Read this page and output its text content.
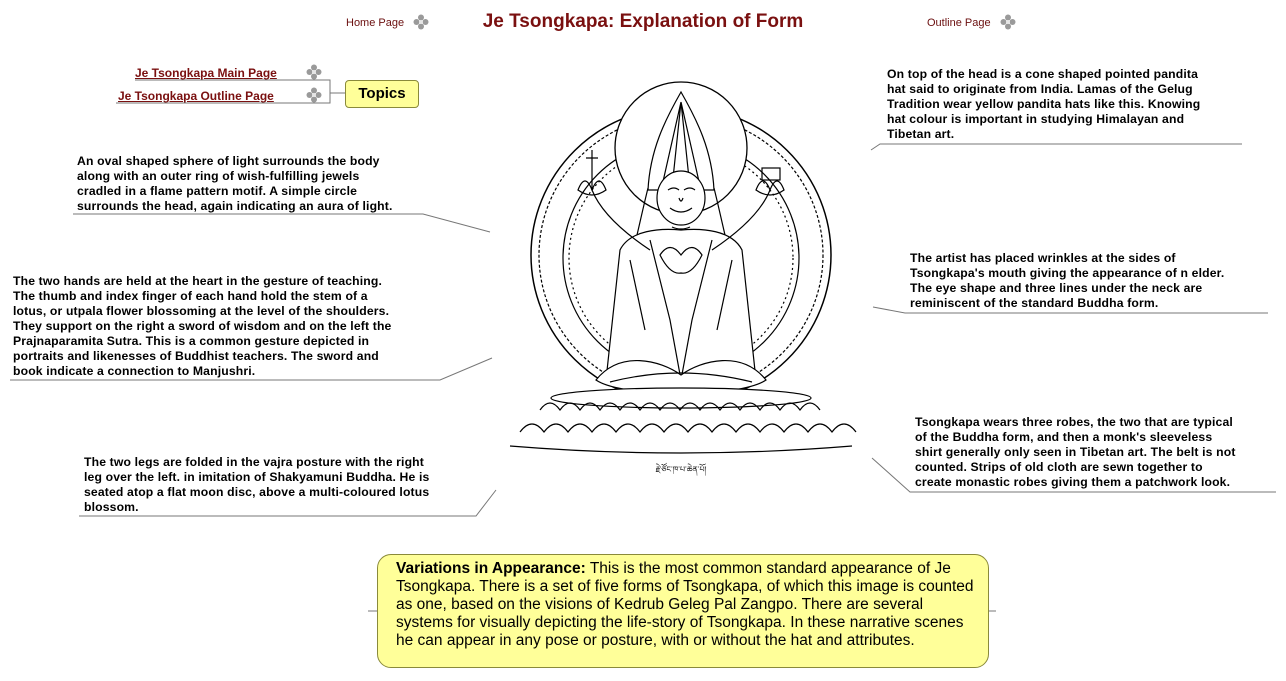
Home Page	Je Tsongkapa: Explanation of Form	Outline Page
Je Tsongkapa Main Page
Je Tsongkapa Outline Page	Topics
An oval shaped sphere of light surrounds the body
along with an outer ring of wish-fulfilling jewels
cradled in a flame pattern motif. A simple circle
surrounds the head, again indicating an aura of light.
The two hands are held at the heart in the gesture of teaching.
The thumb and index finger of each hand hold the stem of a
lotus, or utpala flower blossoming at the level of the shoulders.
They support on the right a sword of wisdom and on the left the
Prajnaparamita Sutra. This is a common gesture depicted in
portraits and likenesses of Buddhist teachers. The sword and
book indicate a connection to Manjushri.
The two legs are folded in the vajra posture with the right
leg over the left. in imitation of Shakyamuni Buddha. He is
seated atop a flat moon disc, above a multi-coloured lotus
blossom.
On top of the head is a cone shaped pointed pandita
hat said to originate from India. Lamas of the Gelug
Tradition wear yellow pandita hats like this. Knowing
hat colour is important in studying Himalayan and
Tibetan art.
The artist has placed wrinkles at the sides of
Tsongkapa's mouth giving the appearance of n elder.
The eye shape and three lines under the neck are
reminiscent of the standard Buddha form.
Tsongkapa wears three robes, the two that are typical
of the Buddha form, and then a monk's sleeveless
shirt generally only seen in Tibetan art. The belt is not
counted. Strips of old cloth are sewn together to
create monastic robes giving them a patchwork look.
རྗེ་ཙོང་ཁ་པ་ཆེན་པོ།
Variations in Appearance: This is the most common standard appearance of Je Tsongkapa. There is a set of five forms of Tsongkapa, of which this image is counted as one, based on the visions of Kedrub Geleg Pal Zangpo. There are several systems for visually depicting the life-story of Tsongkapa. In these narrative scenes he can appear in any pose or posture, with or without the hat and attributes.
